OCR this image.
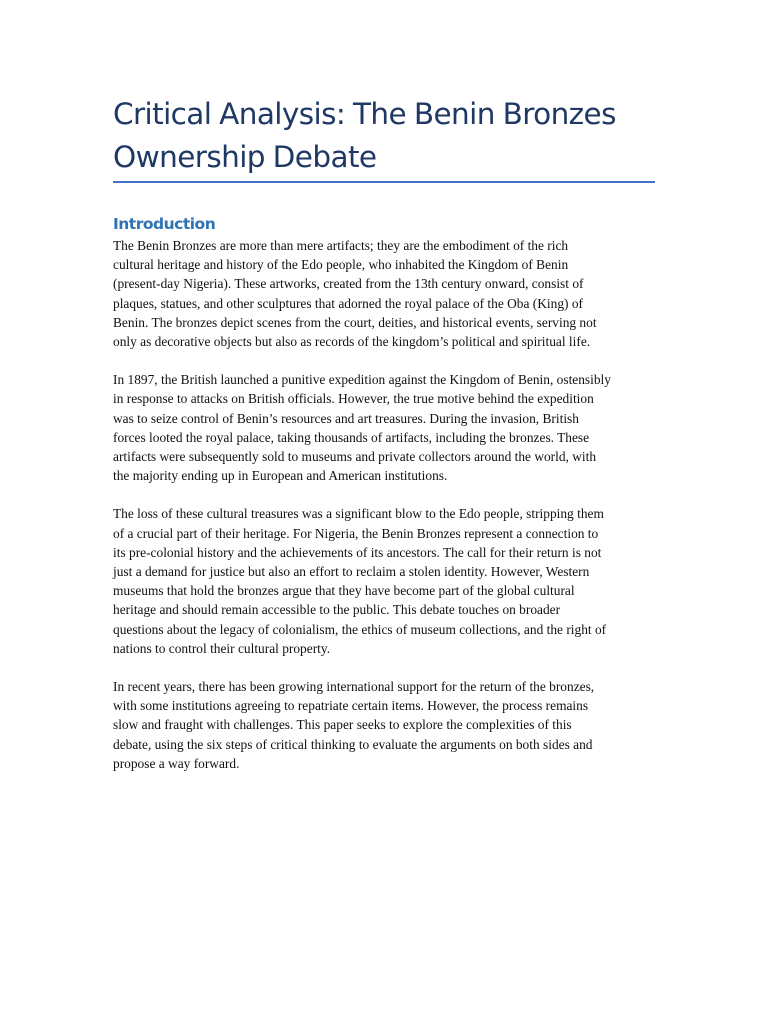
Critical Analysis: The Benin Bronzes
Ownership Debate
Introduction

The Benin Bronzes are more than mere artifacts; they are the embodiment of the rich
cultural heritage and history of the Edo people, who inhabited the Kingdom of Benin
(present-day Nigeria). These artworks, created from the 13th century onward, consist of
plaques, statues, and other sculptures that adorned the royal palace of the Oba (King) of
Benin. The bronzes depict scenes from the court, deities, and historical events, serving not
only as decorative objects but also as records of the kingdom’s political and spiritual life.

In 1897, the British launched a punitive expedition against the Kingdom of Benin, ostensibly
in response to attacks on British officials. However, the true motive behind the expedition
was to seize control of Benin’s resources and art treasures. During the invasion, British
forces looted the royal palace, taking thousands of artifacts, including the bronzes. These
artifacts were subsequently sold to museums and private collectors around the world, with
the majority ending up in European and American institutions.

The loss of these cultural treasures was a significant blow to the Edo people, stripping them
of a crucial part of their heritage. For Nigeria, the Benin Bronzes represent a connection to
its pre-colonial history and the achievements of its ancestors. The call for their return is not
just a demand for justice but also an effort to reclaim a stolen identity. However, Western
museums that hold the bronzes argue that they have become part of the global cultural
heritage and should remain accessible to the public. This debate touches on broader
questions about the legacy of colonialism, the ethics of museum collections, and the right of
nations to control their cultural property.

In recent years, there has been growing international support for the return of the bronzes,
with some institutions agreeing to repatriate certain items. However, the process remains
slow and fraught with challenges. This paper seeks to explore the complexities of this
debate, using the six steps of critical thinking to evaluate the arguments on both sides and
propose a way forward.
